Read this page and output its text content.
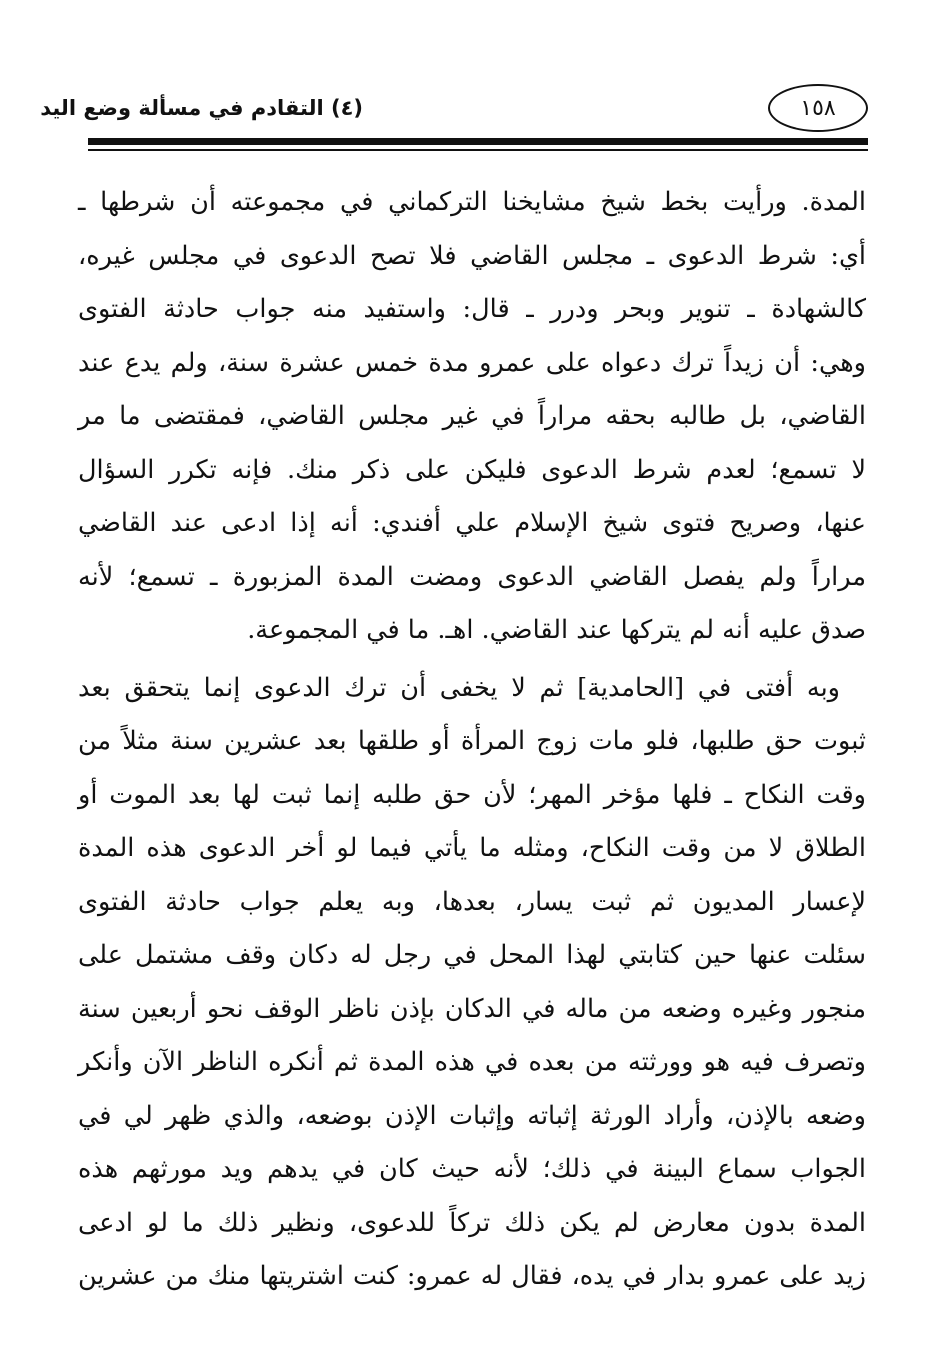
١٥٨
(٤) التقادم في مسألة وضع اليد
المدة. ورأيت بخط شيخ مشايخنا التركماني في مجموعته أن شرطها ـ
أي: شرط الدعوى ـ مجلس القاضي فلا تصح الدعوى في مجلس غيره،
كالشهادة ـ تنوير وبحر ودرر ـ قال: واستفيد منه جواب حادثة الفتوى
وهي: أن زيداً ترك دعواه على عمرو مدة خمس عشرة سنة، ولم يدع عند
القاضي، بل طالبه بحقه مراراً في غير مجلس القاضي، فمقتضى ما مر
لا تسمع؛ لعدم شرط الدعوى فليكن على ذكر منك. فإنه تكرر السؤال
عنها، وصريح فتوى شيخ الإسلام علي أفندي: أنه إذا ادعى عند القاضي
مراراً ولم يفصل القاضي الدعوى ومضت المدة المزبورة ـ تسمع؛ لأنه
صدق عليه أنه لم يتركها عند القاضي. اهـ. ما في المجموعة.
وبه أفتى في [الحامدية] ثم لا يخفى أن ترك الدعوى إنما يتحقق بعد
ثبوت حق طلبها، فلو مات زوج المرأة أو طلقها بعد عشرين سنة مثلاً من
وقت النكاح ـ فلها مؤخر المهر؛ لأن حق طلبه إنما ثبت لها بعد الموت أو
الطلاق لا من وقت النكاح، ومثله ما يأتي فيما لو أخر الدعوى هذه المدة
لإعسار المديون ثم ثبت يسار، بعدها، وبه يعلم جواب حادثة الفتوى
سئلت عنها حين كتابتي لهذا المحل في رجل له دكان وقف مشتمل على
منجور وغيره وضعه من ماله في الدكان بإذن ناظر الوقف نحو أربعين سنة
وتصرف فيه هو وورثته من بعده في هذه المدة ثم أنكره الناظر الآن وأنكر
وضعه بالإذن، وأراد الورثة إثباته وإثبات الإذن بوضعه، والذي ظهر لي في
الجواب سماع البينة في ذلك؛ لأنه حيث كان في يدهم ويد مورثهم هذه
المدة بدون معارض لم يكن ذلك تركاً للدعوى، ونظير ذلك ما لو ادعى
زيد على عمرو بدار في يده، فقال له عمرو: كنت اشتريتها منك من عشرين
